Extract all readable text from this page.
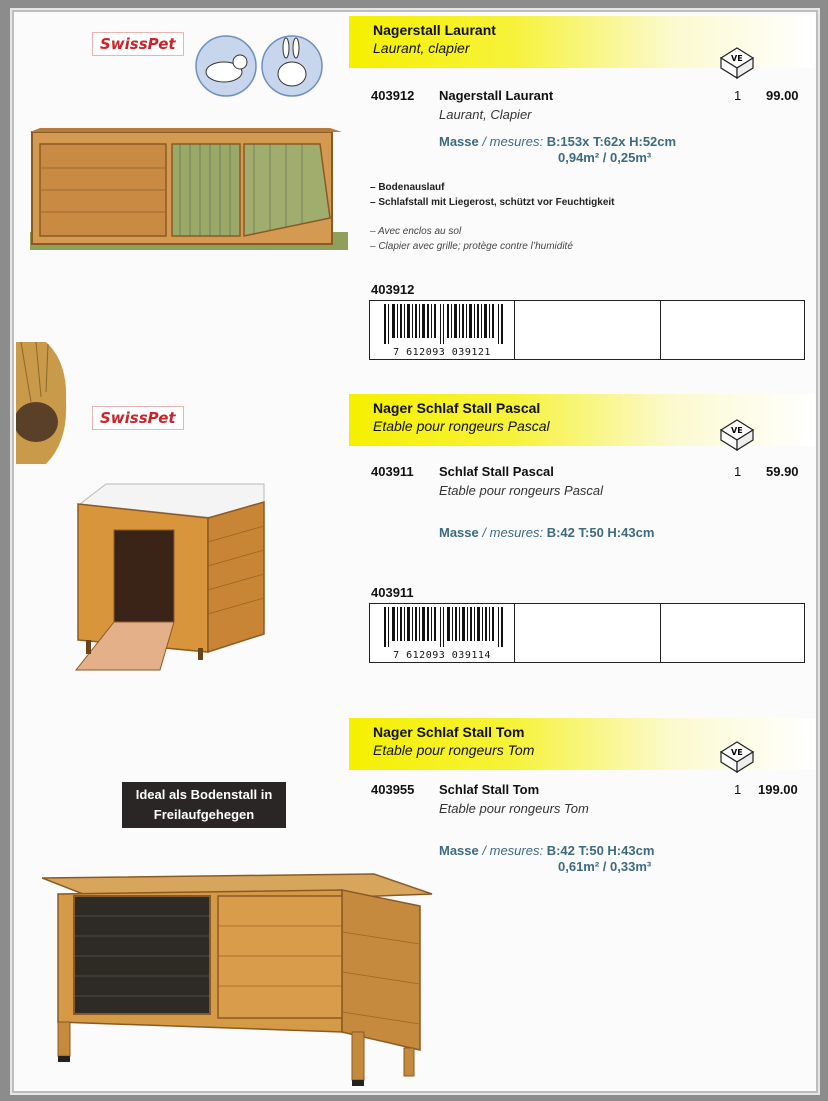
SwissPet
Nagerstall Laurant
Laurant, clapier
VE
403912 Nagerstall Laurant
Laurant, Clapier
1 99.00
Masse / mesures: B:153x T:62x H:52cm
0,94m² / 0,25m³
– Bodenauslauf
– Schlafstall mit Liegerost, schützt vor Feuchtigkeit
– Avec enclos au sol
– Clapier avec grille; protège contre l’humidité
403912
7 612093 039121
SwissPet
Nager Schlaf Stall Pascal
Etable pour rongeurs Pascal	VE
403911 Schlaf Stall Pascal
Etable pour rongeurs Pascal
1 59.90
Masse / mesures: B:42 T:50 H:43cm
403911
7 612093 039114
Nager Schlaf Stall Tom
Etable pour rongeurs Tom	VE
403955 Schlaf Stall Tom
Etable pour rongeurs Tom
1 199.00
Masse / mesures: B:42 T:50 H:43cm
0,61m² / 0,33m³
Ideal als Bodenstall in
Freilaufgehegen
